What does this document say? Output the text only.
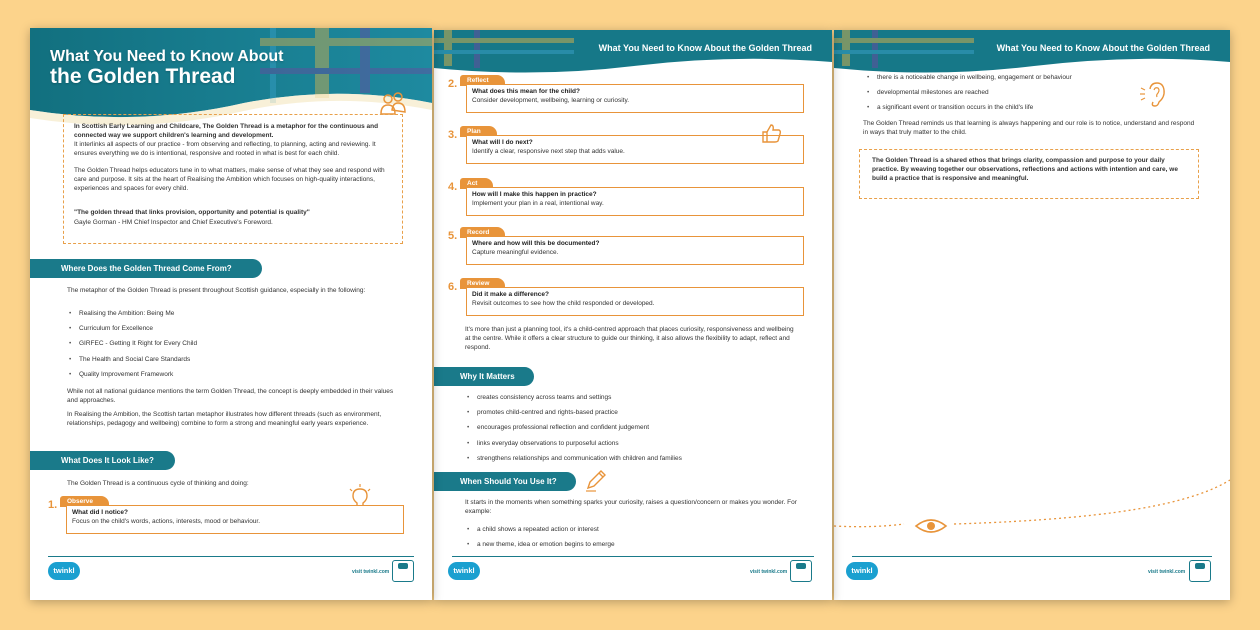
What You Need to Know About
the Golden Thread
In Scottish Early Learning and Childcare, The Golden Thread is a metaphor for the continuous and connected way we support children's learning and development.
It interlinks all aspects of our practice - from observing and reflecting, to planning, acting and reviewing. It ensures everything we do is intentional, responsive and rooted in what is best for each child.
The Golden Thread helps educators tune in to what matters, make sense of what they see and respond with care and purpose. It sits at the heart of Realising the Ambition which focuses on high-quality interactions, experiences and spaces for every child.
"The golden thread that links provision, opportunity and potential is quality"
Gayle Gorman - HM Chief Inspector and Chief Executive's Foreword.
Where Does the Golden Thread Come From?
The metaphor of the Golden Thread is present throughout Scottish guidance, especially in the following:
• Realising the Ambition: Being Me
• Curriculum for Excellence
• GIRFEC - Getting It Right for Every Child
• The Health and Social Care Standards
• Quality Improvement Framework
While not all national guidance mentions the term Golden Thread, the concept is deeply embedded in their values and approaches.
In Realising the Ambition, the Scottish tartan metaphor illustrates how different threads (such as environment, relationships, pedagogy and wellbeing) combine to form a strong and meaningful early years experience.
What Does It Look Like?
The Golden Thread is a continuous cycle of thinking and doing:
1.	Observe
What did I notice?
Focus on the child's words, actions, interests, mood or behaviour.
twinkl	visit twinkl.com
What You Need to Know About the Golden Thread
2.	Reflect
What does this mean for the child?
Consider development, wellbeing, learning or curiosity.
3.	Plan
What will I do next?
Identify a clear, responsive next step that adds value.
4.	Act
How will I make this happen in practice?
Implement your plan in a real, intentional way.
5.	Record
Where and how will this be documented?
Capture meaningful evidence.
6.	Review
Did it make a difference?
Revisit outcomes to see how the child responded or developed.
It's more than just a planning tool, it's a child-centred approach that places curiosity, responsiveness and wellbeing at the centre. While it offers a clear structure to guide our thinking, it also allows the flexibility to adapt, reflect and respond.
Why It Matters
• creates consistency across teams and settings
• promotes child-centred and rights-based practice
• encourages professional reflection and confident judgement
• links everyday observations to purposeful actions
• strengthens relationships and communication with children and families
When Should You Use It?
It starts in the moments when something sparks your curiosity, raises a question/concern or makes you wonder. For example:
• a child shows a repeated action or interest
• a new theme, idea or emotion begins to emerge
twinkl	visit twinkl.com
What You Need to Know About the Golden Thread
• there is a noticeable change in wellbeing, engagement or behaviour
• developmental milestones are reached
• a significant event or transition occurs in the child's life
The Golden Thread reminds us that learning is always happening and our role is to notice, understand and respond in ways that truly matter to the child.
The Golden Thread is a shared ethos that brings clarity, compassion and purpose to your daily practice. By weaving together our observations, reflections and actions with intention and care, we build a practice that is responsive and meaningful.
twinkl	visit twinkl.com
